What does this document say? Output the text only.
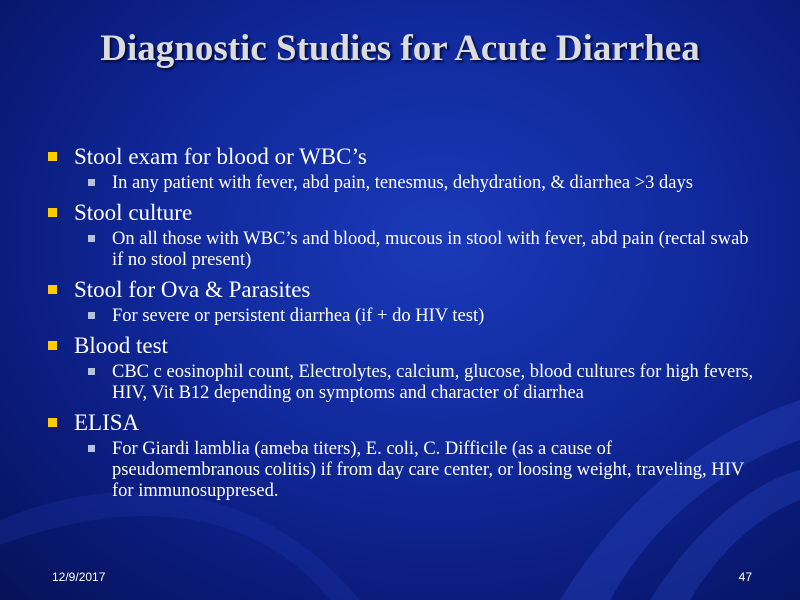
Diagnostic Studies for Acute Diarrhea
Stool exam for blood or WBC’s
In any patient with fever, abd pain, tenesmus, dehydration, & diarrhea >3 days
Stool culture
On all those with WBC’s and blood, mucous in stool with fever, abd pain (rectal swab if no stool present)
Stool for Ova & Parasites
For severe or persistent diarrhea (if + do HIV test)
Blood test
CBC c eosinophil count, Electrolytes, calcium, glucose, blood cultures for high fevers, HIV, Vit B12 depending on symptoms and character of diarrhea
ELISA
For Giardi lamblia (ameba titers), E. coli, C. Difficile (as a cause of pseudomembranous colitis) if from day care center, or loosing weight, traveling, HIV for immunosuppresed.
12/9/2017	47
